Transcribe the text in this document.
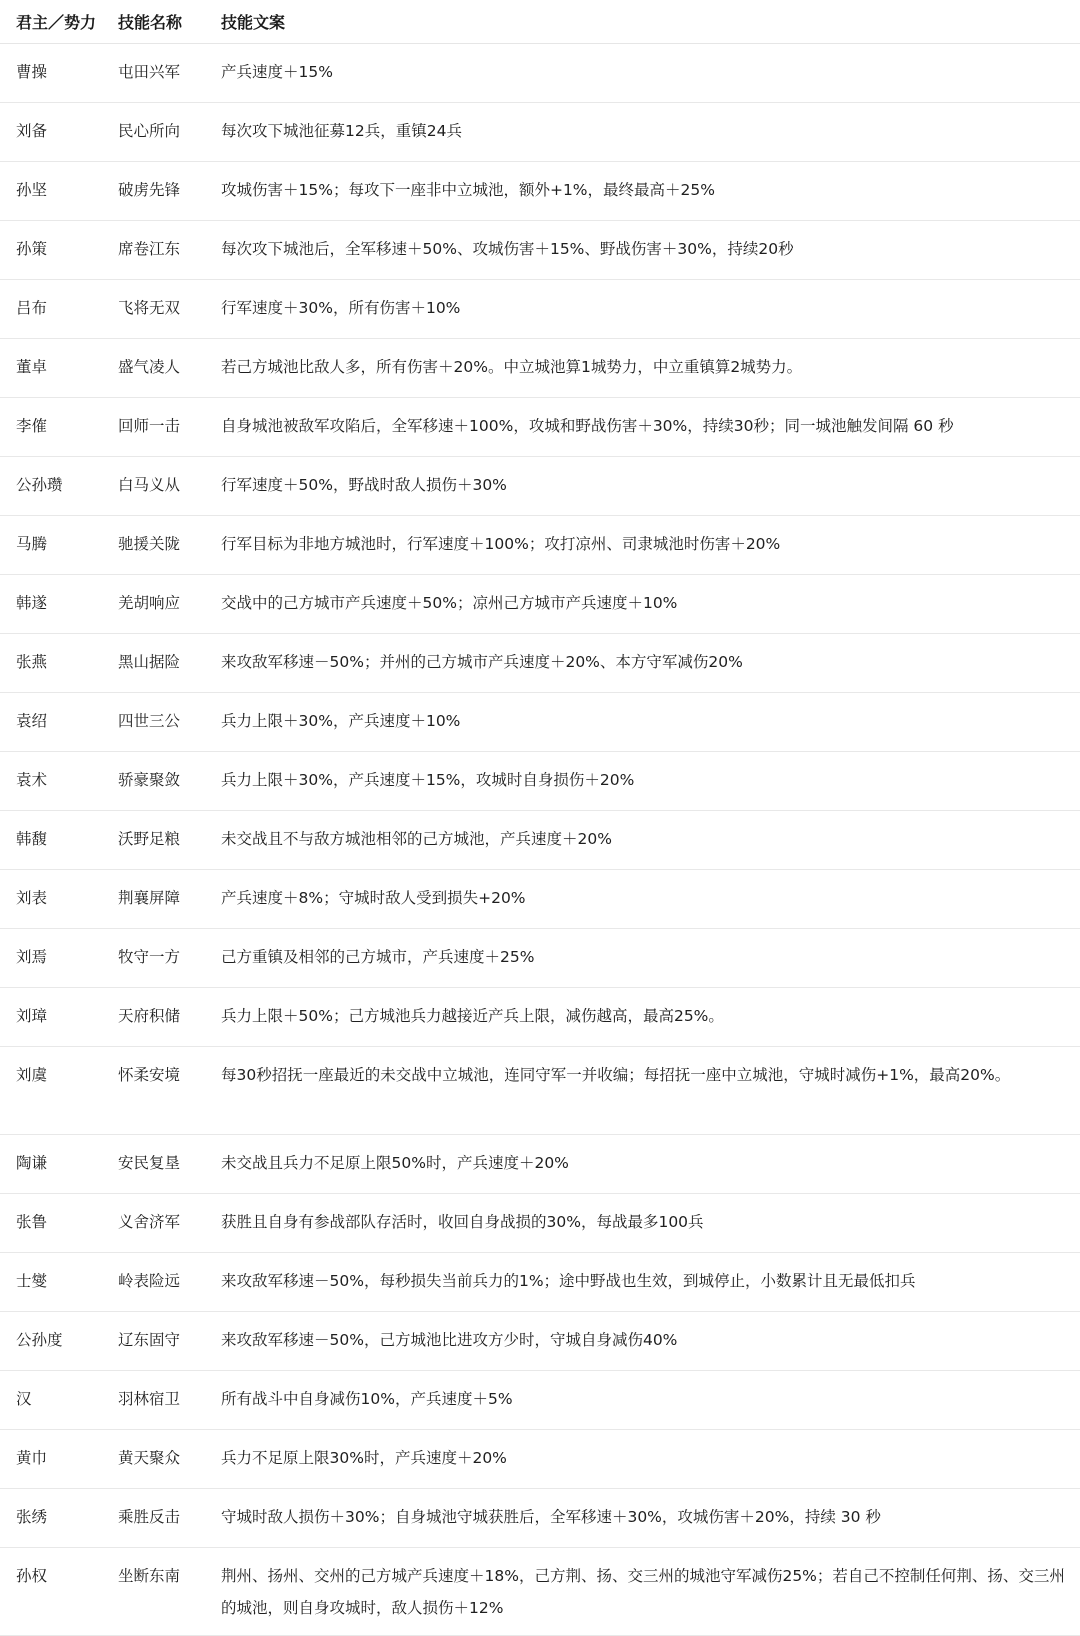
君主／势力	技能名称	技能文案

曹操	屯田兴军	产兵速度＋15%

刘备	民心所向	每次攻下城池征募12兵，重镇24兵

孙坚	破虏先锋	攻城伤害＋15%；每攻下一座非中立城池，额外+1%，最终最高＋25%

孙策	席卷江东	每次攻下城池后，全军移速＋50%、攻城伤害＋15%、野战伤害＋30%，持续20秒

吕布	飞将无双	行军速度＋30%，所有伤害＋10%

董卓	盛气凌人	若己方城池比敌人多，所有伤害＋20%。中立城池算1城势力，中立重镇算2城势力。

李傕	回师一击	自身城池被敌军攻陷后，全军移速＋100%，攻城和野战伤害＋30%，持续30秒；同一城池触发间隔 60 秒

公孙瓒	白马义从	行军速度＋50%，野战时敌人损伤＋30%

马腾	驰援关陇	行军目标为非地方城池时，行军速度＋100%；攻打凉州、司隶城池时伤害＋20%

韩遂	羌胡响应	交战中的己方城市产兵速度＋50%；凉州己方城市产兵速度＋10%

张燕	黑山据险	来攻敌军移速－50%；并州的己方城市产兵速度＋20%、本方守军减伤20%

袁绍	四世三公	兵力上限＋30%，产兵速度＋10%

袁术	骄豪聚敛	兵力上限＋30%，产兵速度＋15%，攻城时自身损伤＋20%

韩馥	沃野足粮	未交战且不与敌方城池相邻的己方城池，产兵速度＋20%

刘表	荆襄屏障	产兵速度＋8%；守城时敌人受到损失+20%

刘焉	牧守一方	己方重镇及相邻的己方城市，产兵速度＋25%

刘璋	天府积储	兵力上限＋50%；己方城池兵力越接近产兵上限，减伤越高，最高25%。

刘虞	怀柔安境	每30秒招抚一座最近的未交战中立城池，连同守军一并收编；每招抚一座中立城池，守城时减伤+1%，最高20%。

陶谦	安民复垦	未交战且兵力不足原上限50%时，产兵速度＋20%

张鲁	义舍济军	获胜且自身有参战部队存活时，收回自身战损的30%，每战最多100兵

士燮	岭表险远	来攻敌军移速－50%，每秒损失当前兵力的1%；途中野战也生效，到城停止，小数累计且无最低扣兵

公孙度	辽东固守	来攻敌军移速－50%，己方城池比进攻方少时，守城自身减伤40%

汉	羽林宿卫	所有战斗中自身减伤10%，产兵速度＋5%

黄巾	黄天聚众	兵力不足原上限30%时，产兵速度＋20%

张绣	乘胜反击	守城时敌人损伤＋30%；自身城池守城获胜后，全军移速＋30%，攻城伤害＋20%，持续 30 秒

孙权	坐断东南	荆州、扬州、交州的己方城产兵速度＋18%，己方荆、扬、交三州的城池守军减伤25%；若自己不控制任何荆、扬、交三州的城池，则自身攻城时，敌人损伤＋12%
